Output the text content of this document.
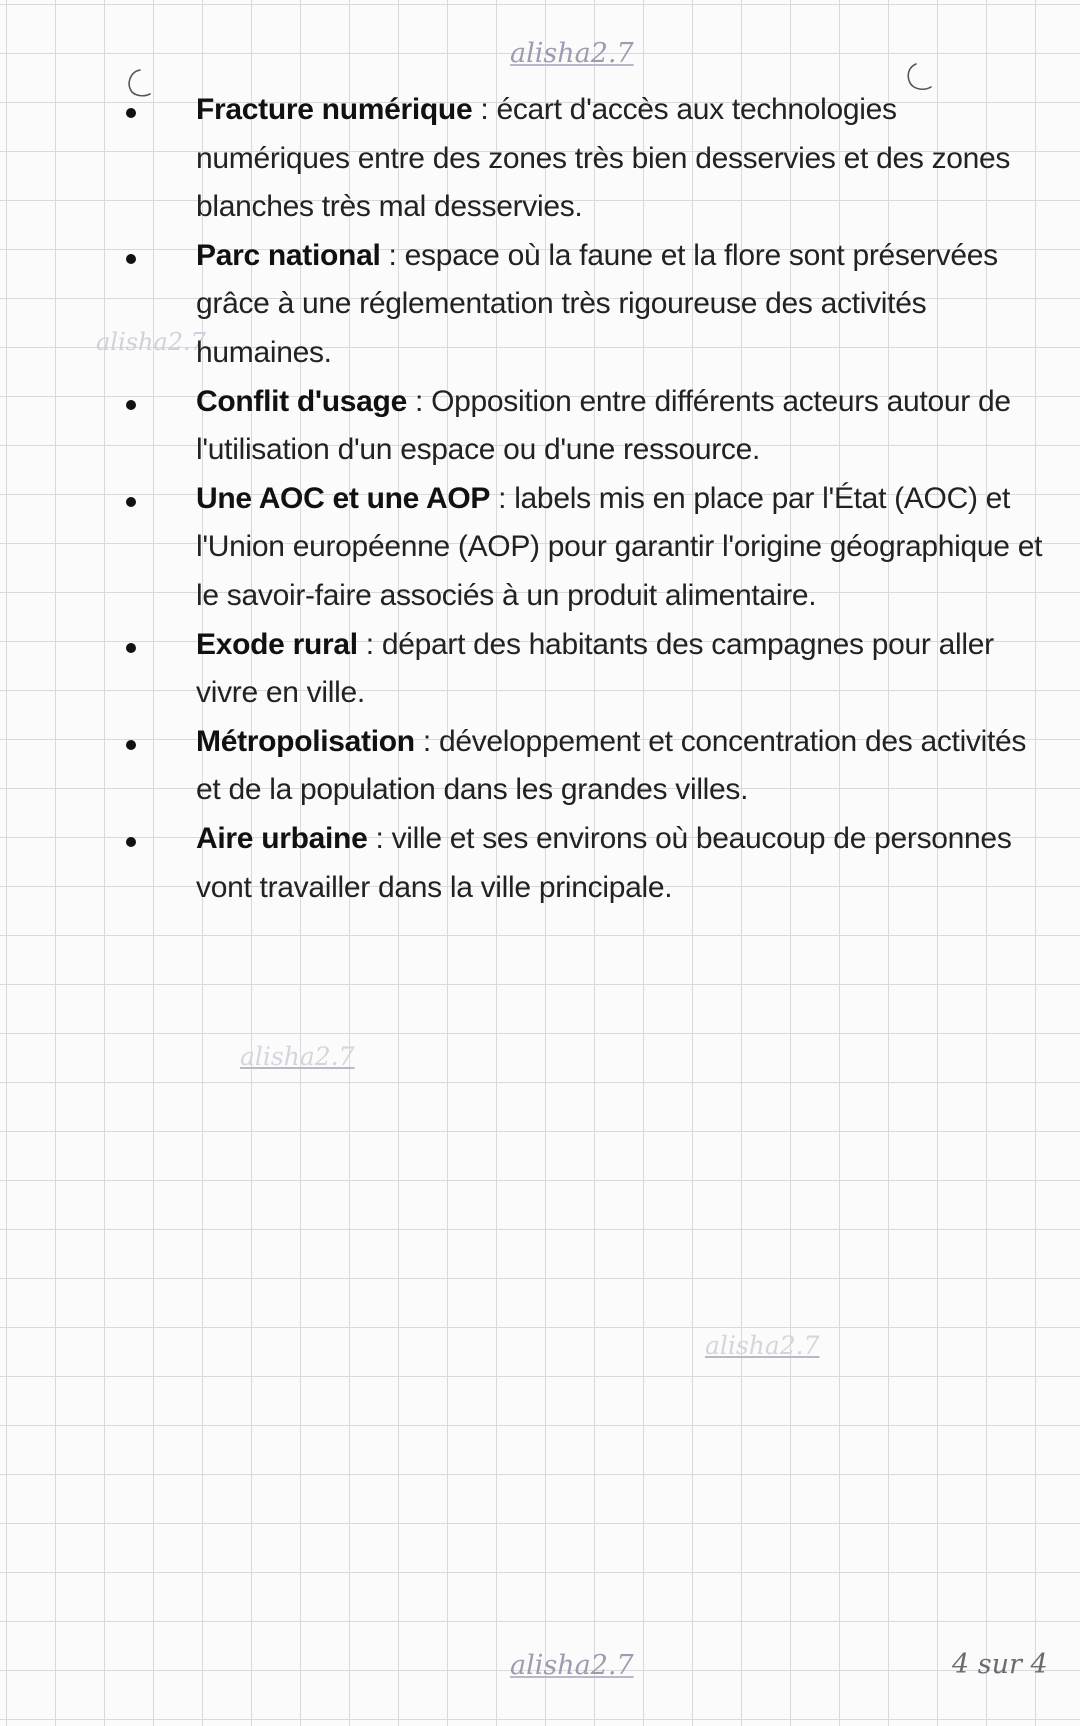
alisha2.7
alisha2.7
alisha2.7
alisha2.7
alisha2.7
Fracture numérique : écart d'accès aux technologies numériques entre des zones très bien desservies et des zones blanches très mal desservies.
Parc national : espace où la faune et la flore sont préservées grâce à une réglementation très rigoureuse des activités humaines.
Conflit d'usage : Opposition entre différents acteurs autour de l'utilisation d'un espace ou d'une ressource.
Une AOC et une AOP : labels mis en place par l'État (AOC) et l'Union européenne (AOP) pour garantir l'origine géographique et le savoir-faire associés à un produit alimentaire.
Exode rural : départ des habitants des campagnes pour aller vivre en ville.
Métropolisation : développement et concentration des activités et de la population dans les grandes villes.
Aire urbaine : ville et ses environs où beaucoup de personnes vont travailler dans la ville principale.
4 sur 4
